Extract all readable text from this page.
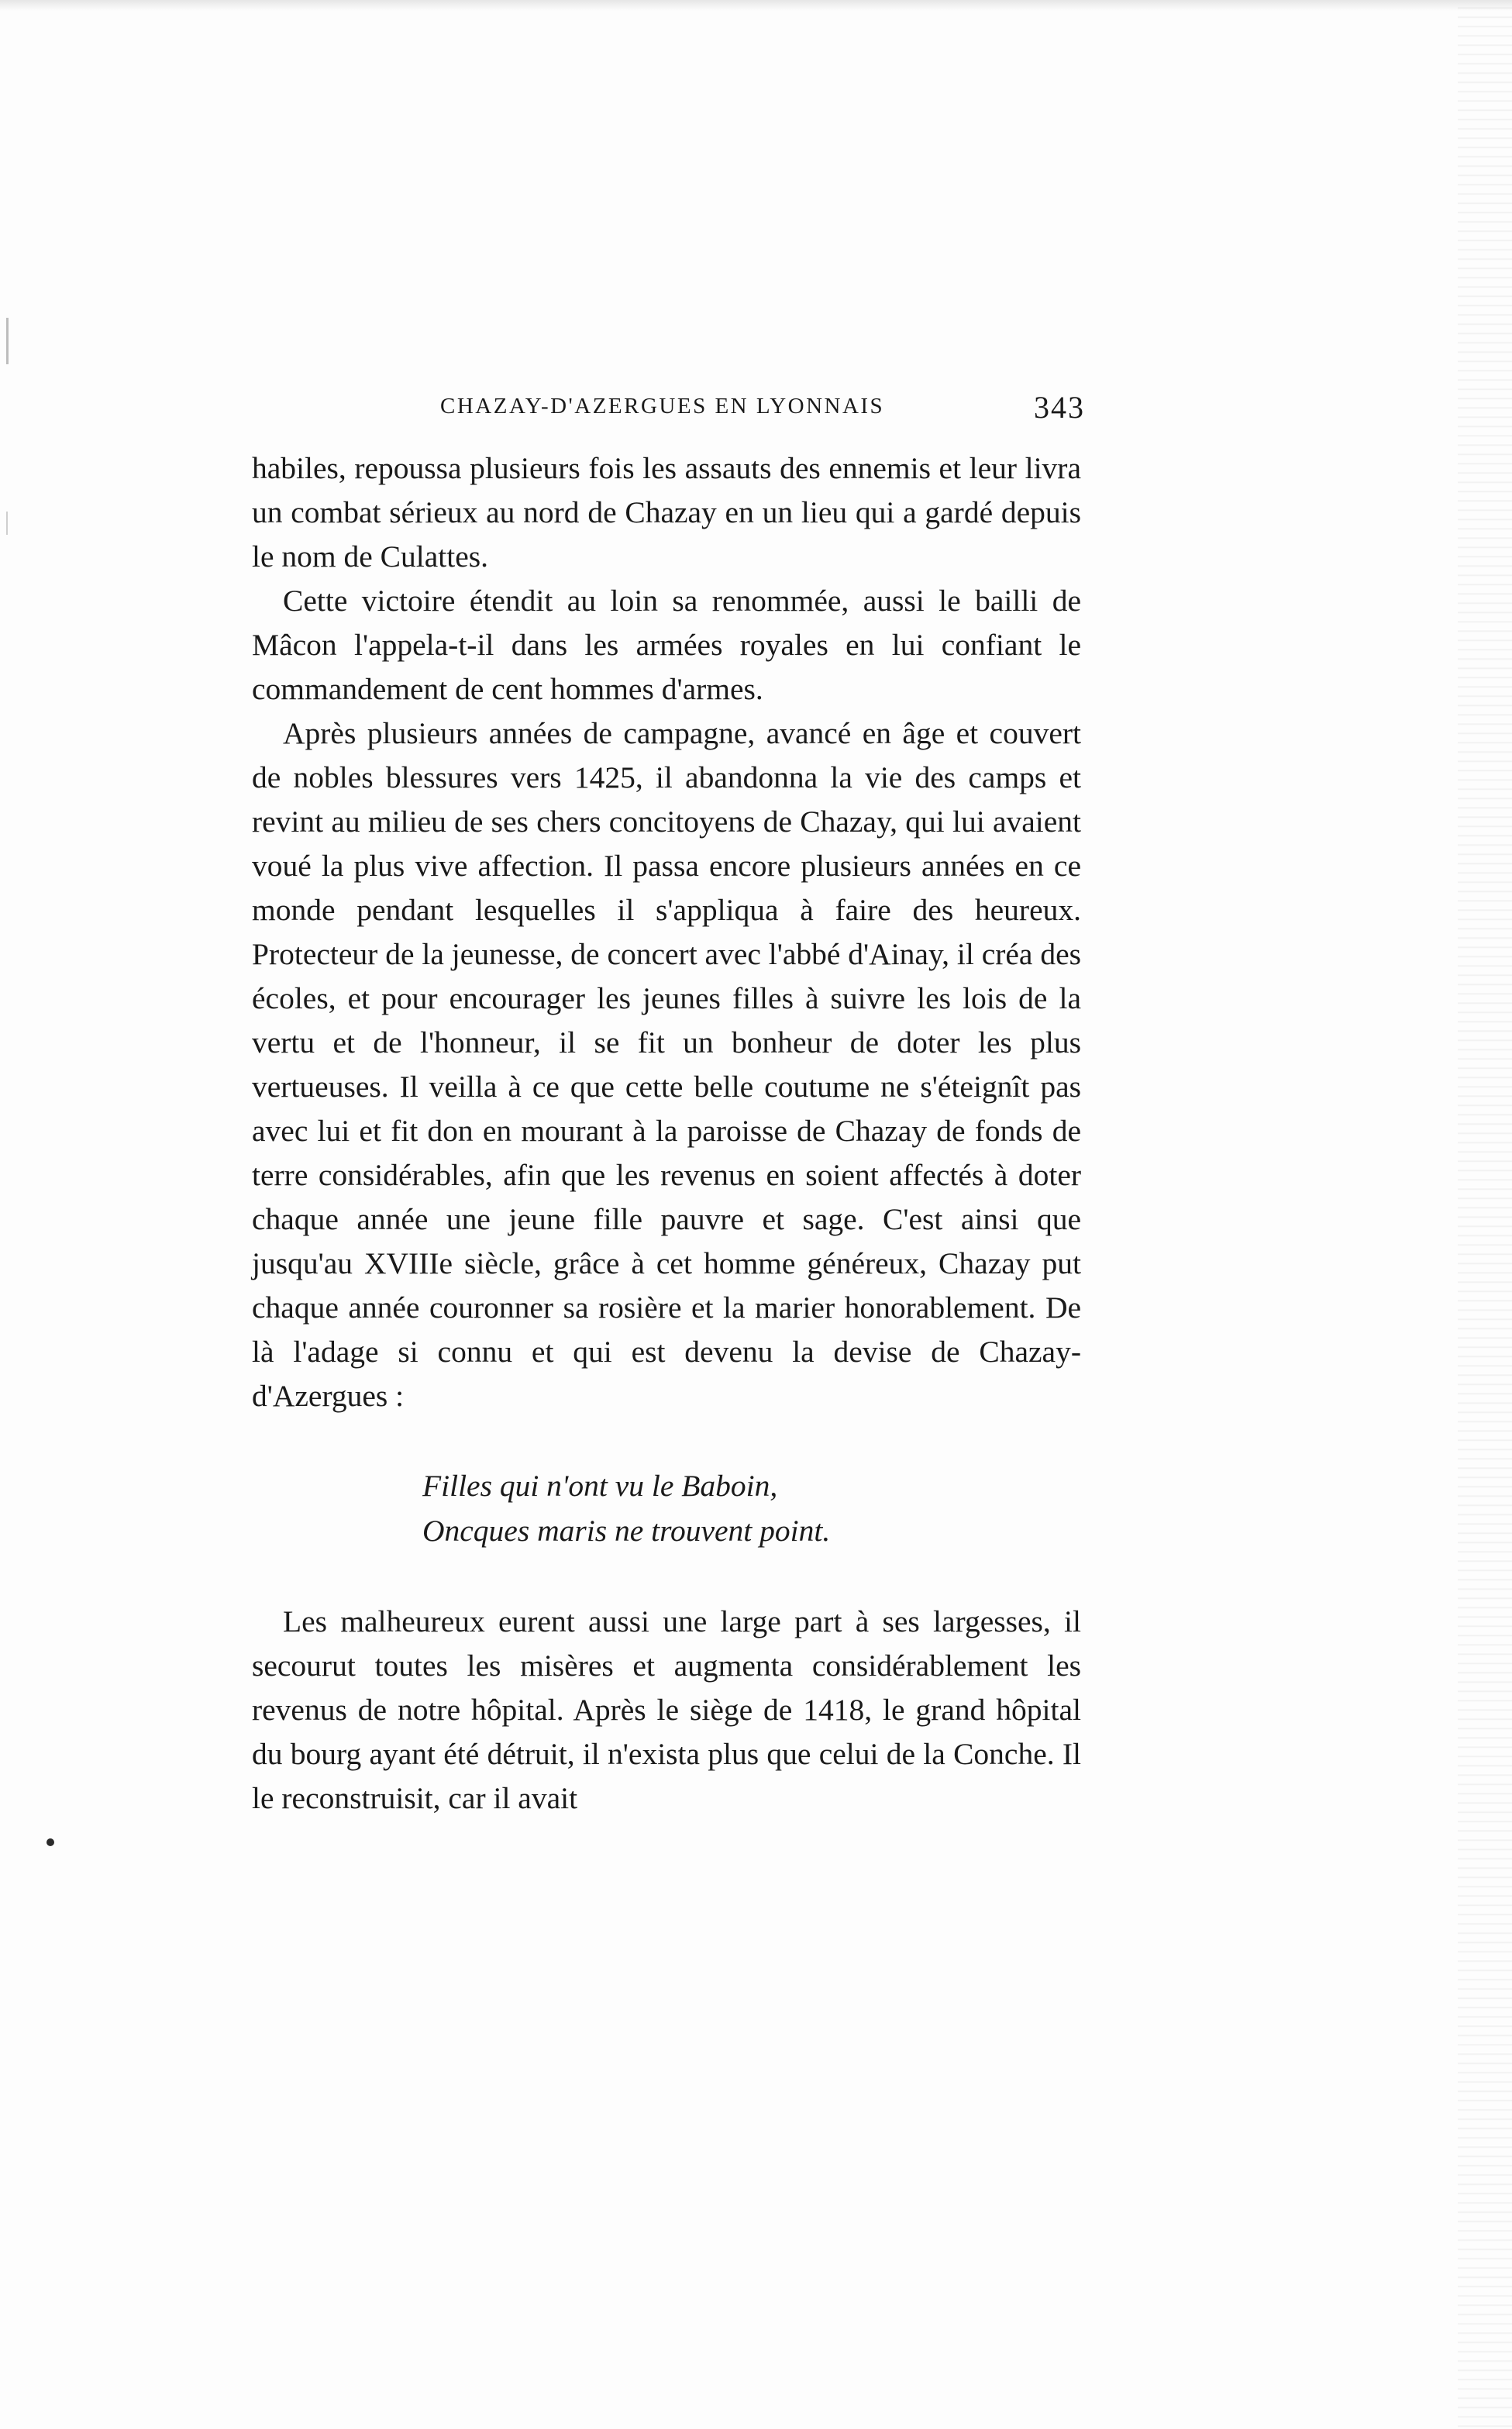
CHAZAY-D'AZERGUES EN LYONNAIS	343

habiles, repoussa plusieurs fois les assauts des ennemis et leur livra un combat sérieux au nord de Chazay en un lieu qui a gardé depuis le nom de Culattes.

Cette victoire étendit au loin sa renommée, aussi le bailli de Mâcon l'appela-t-il dans les armées royales en lui confiant le commandement de cent hommes d'armes.

Après plusieurs années de campagne, avancé en âge et couvert de nobles blessures vers 1425, il abandonna la vie des camps et revint au milieu de ses chers concitoyens de Chazay, qui lui avaient voué la plus vive affection. Il passa encore plusieurs années en ce monde pendant lesquelles il s'appliqua à faire des heureux. Protecteur de la jeunesse, de concert avec l'abbé d'Ainay, il créa des écoles, et pour encourager les jeunes filles à suivre les lois de la vertu et de l'honneur, il se fit un bonheur de doter les plus vertueuses. Il veilla à ce que cette belle coutume ne s'éteignît pas avec lui et fit don en mourant à la paroisse de Chazay de fonds de terre considérables, afin que les revenus en soient affectés à doter chaque année une jeune fille pauvre et sage. C'est ainsi que jusqu'au XVIIIe siècle, grâce à cet homme généreux, Chazay put chaque année couronner sa rosière et la marier honorablement. De là l'adage si connu et qui est devenu la devise de Chazay-d'Azergues :

Filles qui n'ont vu le Baboin,
Oncques maris ne trouvent point.

Les malheureux eurent aussi une large part à ses largesses, il secourut toutes les misères et augmenta considérablement les revenus de notre hôpital. Après le siège de 1418, le grand hôpital du bourg ayant été détruit, il n'exista plus que celui de la Conche. Il le reconstruisit, car il avait
